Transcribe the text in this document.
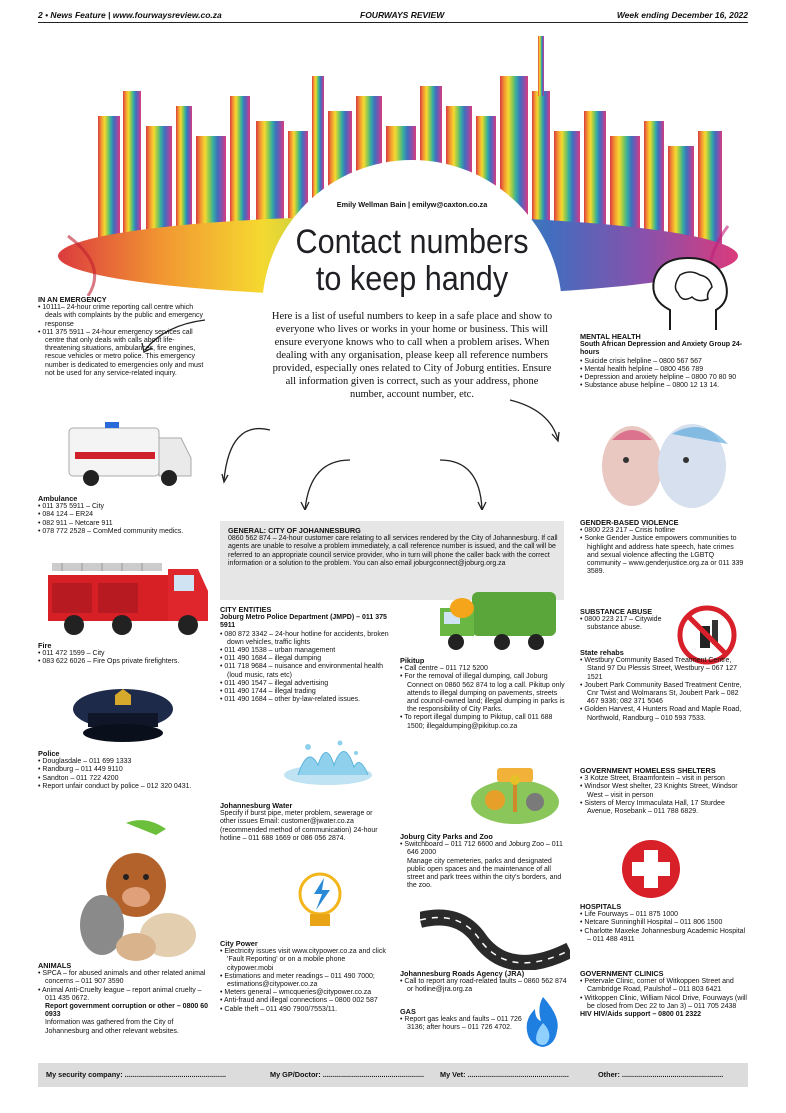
2 • News Feature | www.fourwaysreview.co.za	FOURWAYS REVIEW	Week ending December 16, 2022
Emily Wellman Bain | emilyw@caxton.co.za
Contact numbers
to keep handy
Here is a list of useful numbers to keep in a safe place and show to everyone who lives or works in your home or business. This will ensure everyone knows who to call when a problem arises. When dealing with any organisation, please keep all reference numbers provided, especially ones related to City of Joburg entities. Ensure all information given is correct, such as your address, phone number, account number, etc.
IN AN EMERGENCY
• 10111– 24-hour crime reporting call centre which deals with complaints by the public and emergency response
• 011 375 5911 – 24-hour emergency services call centre that only deals with calls about life-threatening situations, ambulances, fire engines, rescue vehicles or metro police. This emergency number is dedicated to emergencies only and must not be used for any service-related inquiry.
Ambulance
• 011 375 5911 – City
• 084 124 – ER24
• 082 911 – Netcare 911
• 078 772 2528 – ComMed community medics.
Fire
• 011 472 1599 – City
• 083 622 6026 – Fire Ops private firefighters.
Police
• Douglasdale – 011 699 1333
• Randburg – 011 449 9110
• Sandton – 011 722 4200
• Report unfair conduct by police – 012 320 0431.
ANIMALS
• SPCA – for abused animals and other related animal concerns – 011 907 3590
• Animal Anti-Cruelty league – report animal cruelty – 011 435 0672.
Report government corruption or other – 0800 60 0933
Information was gathered from the City of Johannesburg and other relevant websites.
GENERAL: CITY OF JOHANNESBURG
0860 562 874 – 24-hour customer care relating to all services rendered by the City of Johannesburg. If call agents are unable to resolve a problem immediately, a call reference number is issued, and the call will be referred to an appropriate council service provider, who in turn will phone the caller back with the correct information or a solution to the problem. You can also email joburgconnect@joburg.org.za
CITY ENTITIES
Joburg Metro Police Department (JMPD) – 011 375 5911
• 080 872 3342 – 24-hour hotline for accidents, broken down vehicles, traffic lights
• 011 490 1538 – urban management
• 011 490 1684 – illegal dumping
• 011 718 9684 – nuisance and environmental health (loud music, rats etc)
• 011 490 1547 – illegal advertising
• 011 490 1744 – illegal trading
• 011 490 1684 – other by-law-related issues.
Johannesburg Water
Specify if burst pipe, meter problem, sewerage or other issues Email: customer@jwater.co.za (recommended method of communication) 24-hour hotline – 011 688 1669 or 086 056 2874.
City Power
• Electricity issues visit www.citypower.co.za and click 'Fault Reporting' or on a mobile phone citypower.mobi
• Estimations and meter readings – 011 490 7000; estimations@citypower.co.za
• Meters general – wmcqueries@citypower.co.za
• Anti-fraud and illegal connections – 0800 002 587
• Cable theft – 011 490 7900/7553/11.
Pikitup
• Call centre – 011 712 5200
• For the removal of illegal dumping, call Joburg Connect on 0860 562 874 to log a call. Pikitup only attends to illegal dumping on pavements, streets and council-owned land; illegal dumping in parks is the responsibility of City Parks.
• To report illegal dumping to Pikitup, call 011 688 1500; illegaldumping@pikitup.co.za
Joburg City Parks and Zoo
• Switchboard – 011 712 6600 and Joburg Zoo – 011 646 2000
Manage city cemeteries, parks and designated public open spaces and the maintenance of all street and park trees within the city's borders, and the zoo.
Johannesburg Roads Agency (JRA)
• Call to report any road-related faults – 0860 562 874 or hotline@jra.org.za
GAS
• Report gas leaks and faults – 011 726 3136; after hours – 011 726 4702.
MENTAL HEALTH
South African Depression and Anxiety Group 24-hours
• Suicide crisis helpline – 0800 567 567
• Mental health helpline – 0800 456 789
• Depression and anxiety helpline – 0800 70 80 90
• Substance abuse helpline – 0800 12 13 14.
GENDER-BASED VIOLENCE
• 0800 223 217 – Crisis hotline
• Sonke Gender Justice empowers communities to highlight and address hate speech, hate crimes and sexual violence affecting the LGBTQ community – www.genderjustice.org.za or 011 339 3589.
SUBSTANCE ABUSE
• 0800 223 217 – Citywide substance abuse.
State rehabs
• Westbury Community Based Treatment Centre, Stand 97 Du Plessis Street, Westbury – 067 127 1521
• Joubert Park Community Based Treatment Centre, Cnr Twist and Wolmarans St, Joubert Park – 082 467 9336; 082 371 5046
• Golden Harvest, 4 Hunters Road and Maple Road, Northwold, Randburg – 010 593 7533.
GOVERNMENT HOMELESS SHELTERS
• 3 Kotze Street, Braamfontein – visit in person
• Windsor West shelter, 23 Knights Street, Windsor West – visit in person
• Sisters of Mercy Immaculata Hall, 17 Sturdee Avenue, Rosebank – 011 788 6829.
HOSPITALS
• Life Fourways – 011 875 1000
• Netcare Sunninghill Hospital – 011 806 1500
• Charlotte Maxeke Johannesburg Academic Hospital – 011 488 4911
GOVERNMENT CLINICS
• Petervale Clinic, corner of Witkoppen Street and Cambridge Road, Paulshof – 011 803 6421
• Witkoppen Clinic, William Nicol Drive, Fourways (will be closed from Dec 22 to Jan 3) – 011 705 2438
HIV HIV/Aids support – 0800 01 2322
My security company: ..................................................	My GP/Doctor: .................................................. My Vet: ..................................................	Other: ..................................................
